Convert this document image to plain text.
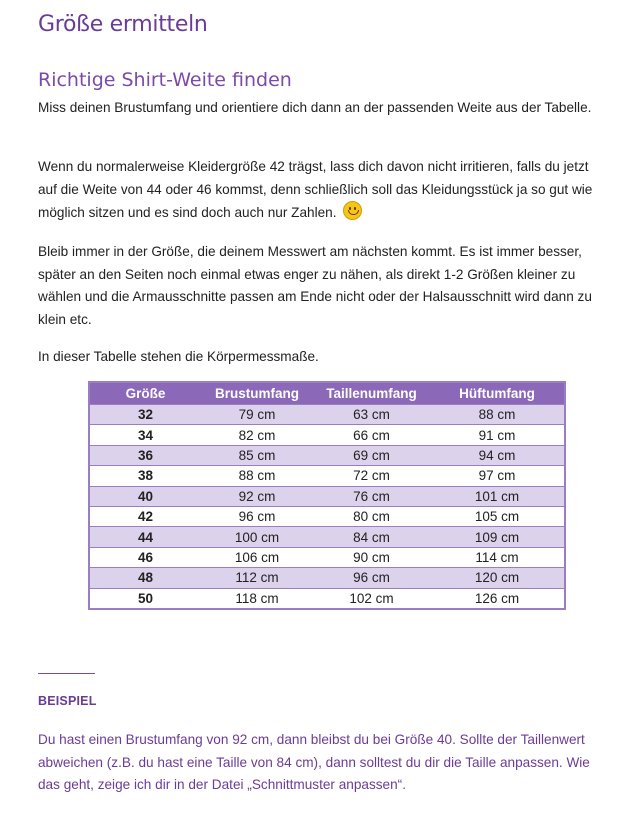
Größe ermitteln
Richtige Shirt-Weite finden

Miss deinen Brustumfang und orientiere dich dann an der passenden Weite aus der Tabelle.

Wenn du normalerweise Kleidergröße 42 trägst, lass dich davon nicht irritieren, falls du jetzt auf die Weite von 44 oder 46 kommst, denn schließlich soll das Kleidungsstück ja so gut wie möglich sitzen und es sind doch auch nur Zahlen.

Bleib immer in der Größe, die deinem Messwert am nächsten kommt. Es ist immer besser, später an den Seiten noch einmal etwas enger zu nähen, als direkt 1-2 Größen kleiner zu wählen und die Armausschnitte passen am Ende nicht oder der Halsausschnitt wird dann zu klein etc.

In dieser Tabelle stehen die Körpermessmaße.

Größe	Brustumfang	Taillenumfang	Hüftumfang
32	79 cm	63 cm	88 cm
34	82 cm	66 cm	91 cm
36	85 cm	69 cm	94 cm
38	88 cm	72 cm	97 cm
40	92 cm	76 cm	101 cm
42	96 cm	80 cm	105 cm
44	100 cm	84 cm	109 cm
46	106 cm	90 cm	114 cm
48	112 cm	96 cm	120 cm
50	118 cm	102 cm	126 cm
BEISPIEL

Du hast einen Brustumfang von 92 cm, dann bleibst du bei Größe 40. Sollte der Taillenwert abweichen (z.B. du hast eine Taille von 84 cm), dann solltest du dir die Taille anpassen. Wie das geht, zeige ich dir in der Datei „Schnittmuster anpassen“.
